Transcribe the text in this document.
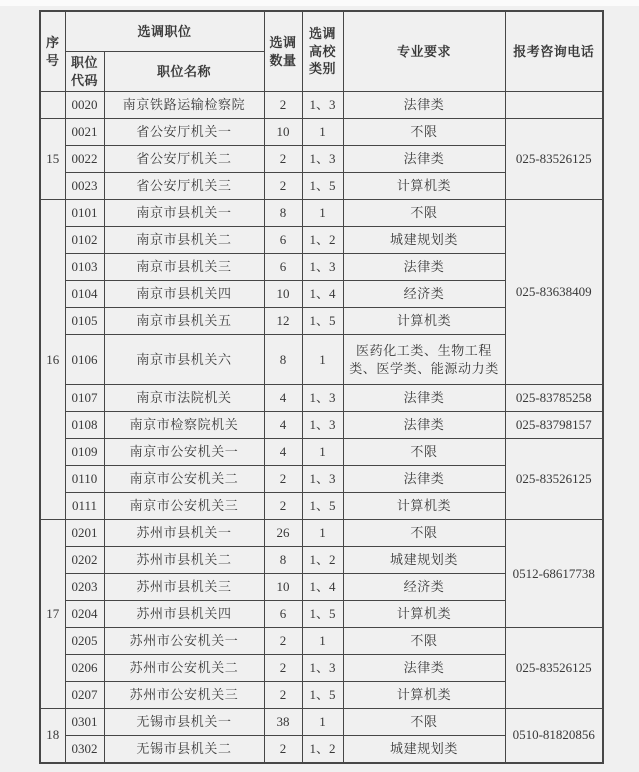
序号	选调职位		选调数量	选调高校类别	专业要求	报考咨询电话
	职位代码	职位名称				
	0020	南京铁路运输检察院	2	1、3	法律类	
15	0021	省公安厅机关一	10	1	不限	025-83526125
	0022	省公安厅机关二	2	1、3	法律类	
	0023	省公安厅机关三	2	1、5	计算机类	
16	0101	南京市县机关一	8	1	不限	025-83638409
	0102	南京市县机关二	6	1、2	城建规划类	
	0103	南京市县机关三	6	1、3	法律类	
	0104	南京市县机关四	10	1、4	经济类	
	0105	南京市县机关五	12	1、5	计算机类	
	0106	南京市县机关六	8	1	医药化工类、生物工程类、医学类、能源动力类	
	0107	南京市法院机关	4	1、3	法律类	025-83785258
	0108	南京市检察院机关	4	1、3	法律类	025-83798157
	0109	南京市公安机关一	4	1	不限	025-83526125
	0110	南京市公安机关二	2	1、3	法律类	
	0111	南京市公安机关三	2	1、5	计算机类	
17	0201	苏州市县机关一	26	1	不限	0512-68617738
	0202	苏州市县机关二	8	1、2	城建规划类	
	0203	苏州市县机关三	10	1、4	经济类	
	0204	苏州市县机关四	6	1、5	计算机类	
	0205	苏州市公安机关一	2	1	不限	025-83526125
	0206	苏州市公安机关二	2	1、3	法律类	
	0207	苏州市公安机关三	2	1、5	计算机类	
18	0301	无锡市县机关一	38	1	不限	0510-81820856
	0302	无锡市县机关二	2	1、2	城建规划类	
